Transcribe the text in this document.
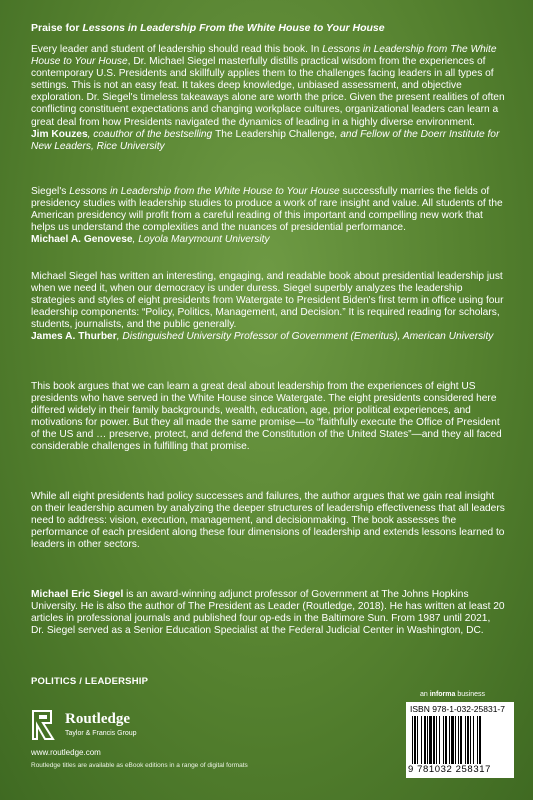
Praise for Lessons in Leadership From the White House to Your House

Every leader and student of leadership should read this book. In Lessons in Leadership from The White House to Your House, Dr. Michael Siegel masterfully distills practical wisdom from the experiences of contemporary U.S. Presidents and skillfully applies them to the challenges facing leaders in all types of settings. This is not an easy feat. It takes deep knowledge, unbiased assessment, and objective exploration. Dr. Siegel's timeless takeaways alone are worth the price. Given the present realities of often conflicting constituent expectations and changing workplace cultures, organizational leaders can learn a great deal from how Presidents navigated the dynamics of leading in a highly diverse environment.

Jim Kouzes, coauthor of the bestselling The Leadership Challenge, and Fellow of the Doerr Institute for New Leaders, Rice University

Siegel's Lessons in Leadership from the White House to Your House successfully marries the fields of presidency studies with leadership studies to produce a work of rare insight and value. All students of the American presidency will profit from a careful reading of this important and compelling new work that helps us understand the complexities and the nuances of presidential performance.

Michael A. Genovese, Loyola Marymount University

Michael Siegel has written an interesting, engaging, and readable book about presidential leadership just when we need it, when our democracy is under duress. Siegel superbly analyzes the leadership strategies and styles of eight presidents from Watergate to President Biden's first term in office using four leadership components: “Policy, Politics, Management, and Decision.” It is required reading for scholars, students, journalists, and the public generally.

James A. Thurber, Distinguished University Professor of Government (Emeritus), American University

This book argues that we can learn a great deal about leadership from the experiences of eight US presidents who have served in the White House since Watergate. The eight presidents considered here differed widely in their family backgrounds, wealth, education, age, prior political experiences, and motivations for power. But they all made the same promise—to “faithfully execute the Office of President of the US and … preserve, protect, and defend the Constitution of the United States”—and they all faced considerable challenges in fulfilling that promise.

While all eight presidents had policy successes and failures, the author argues that we gain real insight on their leadership acumen by analyzing the deeper structures of leadership effectiveness that all leaders need to address: vision, execution, management, and decisionmaking. The book assesses the performance of each president along these four dimensions of leadership and extends lessons learned to leaders in other sectors.

Michael Eric Siegel is an award-winning adjunct professor of Government at The Johns Hopkins University. He is also the author of The President as Leader (Routledge, 2018). He has written at least 20 articles in professional journals and published four op-eds in the Baltimore Sun. From 1987 until 2021, Dr. Siegel served as a Senior Education Specialist at the Federal Judicial Center in Washington, DC.

POLITICS / LEADERSHIP
Routledge
Taylor & Francis Group
www.routledge.com
Routledge titles are available as eBook editions in a range of digital formats
an informa business
ISBN 978-1-032-25831-7
9 781032 258317
